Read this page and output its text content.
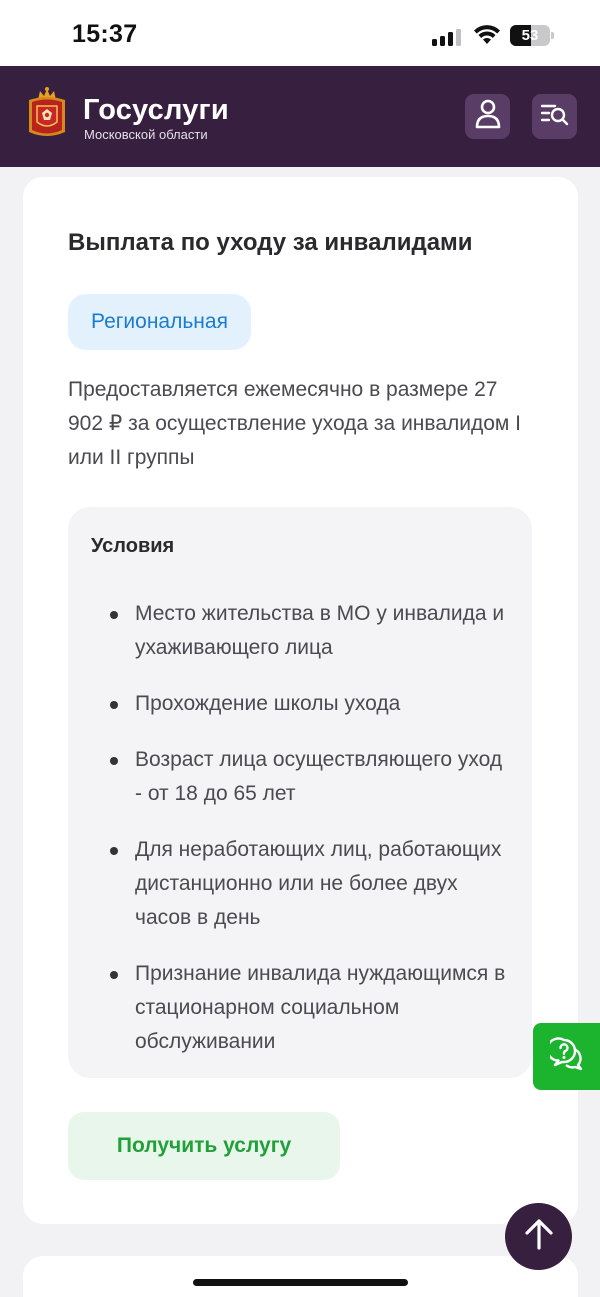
15:37	53
Госуслуги
Московской области
Выплата по уходу за инвалидами
Региональная
Предоставляется ежемесячно в размере 27 902 ₽ за осуществление ухода за инвалидом I или II группы
Условия
Место жительства в МО у инвалида и ухаживающего лица
Прохождение школы ухода
Возраст лица осуществляющего уход - от 18 до 65 лет
Для неработающих лиц, работающих дистанционно или не более двух часов в день
Признание инвалида нуждающимся в стационарном социальном обслуживании
Получить услугу
